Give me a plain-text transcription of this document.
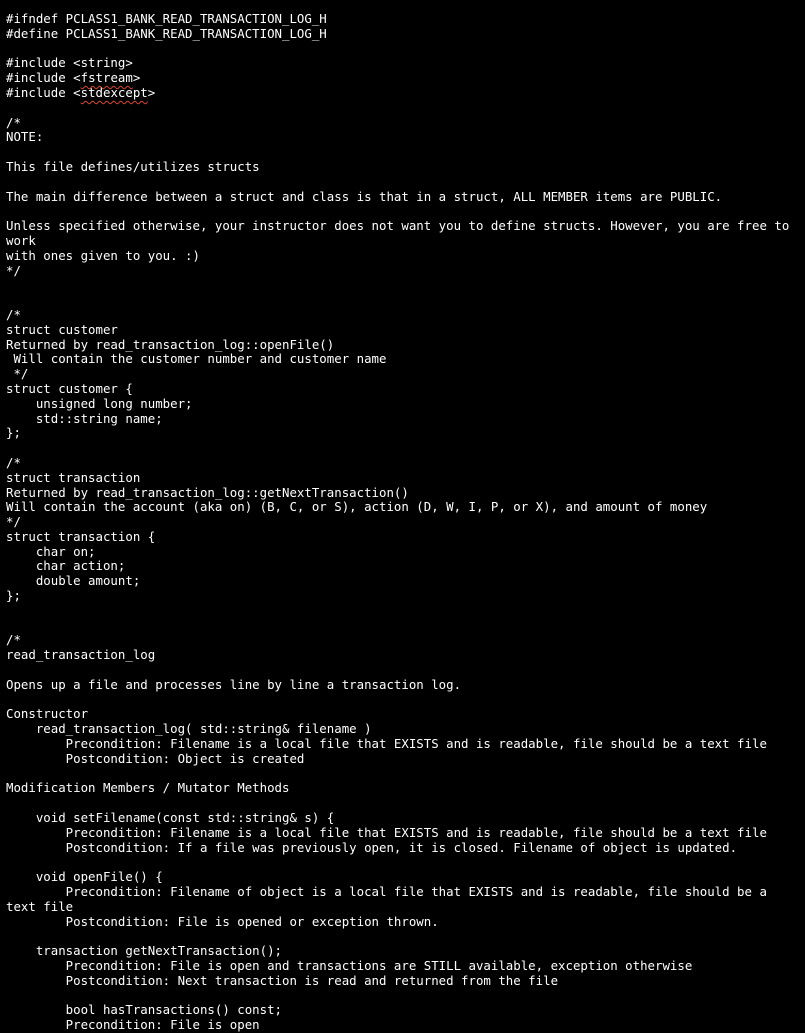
#ifndef PCLASS1_BANK_READ_TRANSACTION_LOG_H
#define PCLASS1_BANK_READ_TRANSACTION_LOG_H
#include <string>
#include <fstream>
#include <stdexcept>
/*
NOTE:
This file defines/utilizes structs
The main difference between a struct and class is that in a struct, ALL MEMBER items are PUBLIC.
Unless specified otherwise, your instructor does not want you to define structs. However, you are free to
work
with ones given to you. :)
*/
/*
struct customer
Returned by read_transaction_log::openFile()
Will contain the customer number and customer name
*/
struct customer {
unsigned long number;
std::string name;
};
/*
struct transaction
Returned by read_transaction_log::getNextTransaction()
Will contain the account (aka on) (B, C, or S), action (D, W, I, P, or X), and amount of money
*/
struct transaction {
char on;
char action;
double amount;
};
/*
read_transaction_log
Opens up a file and processes line by line a transaction log.
Constructor
read_transaction_log( std::string& filename )
Precondition: Filename is a local file that EXISTS and is readable, file should be a text file
Postcondition: Object is created
Modification Members / Mutator Methods
void setFilename(const std::string& s) {
Precondition: Filename is a local file that EXISTS and is readable, file should be a text file
Postcondition: If a file was previously open, it is closed. Filename of object is updated.
void openFile() {
Precondition: Filename of object is a local file that EXISTS and is readable, file should be a
text file
Postcondition: File is opened or exception thrown.
transaction getNextTransaction();
Precondition: File is open and transactions are STILL available, exception otherwise
Postcondition: Next transaction is read and returned from the file
bool hasTransactions() const;
Precondition: File is open
